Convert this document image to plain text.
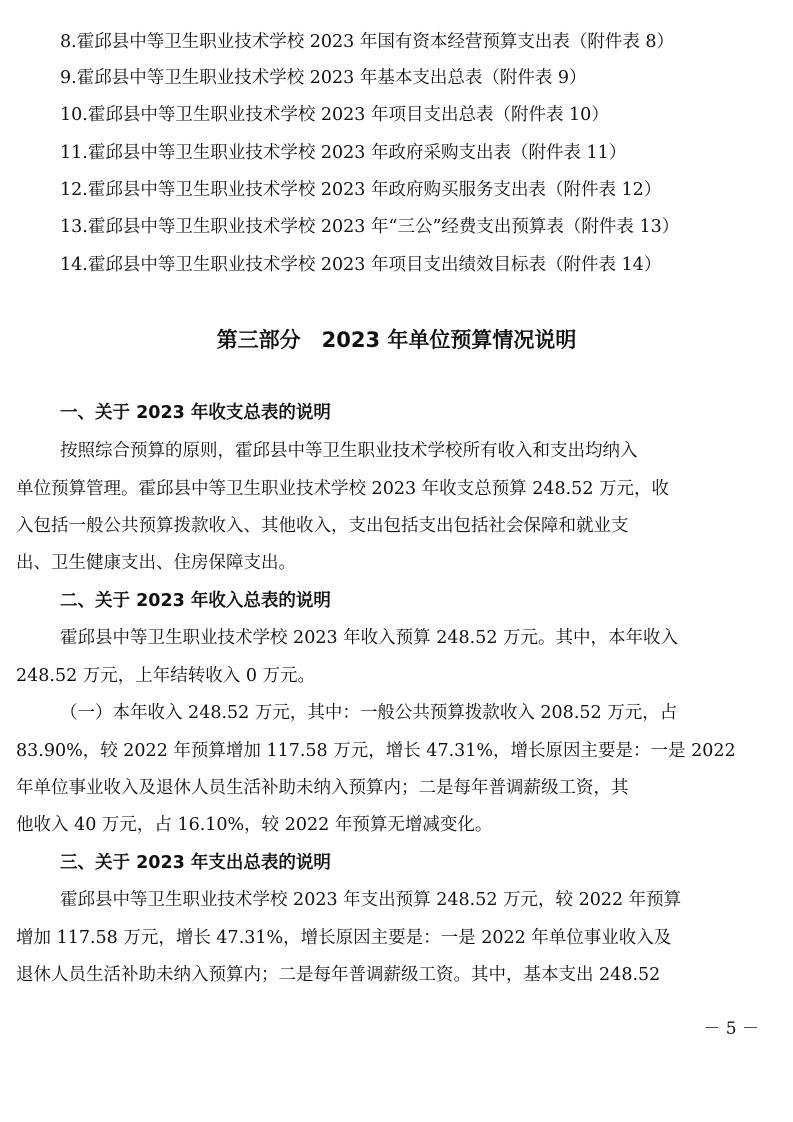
8.霍邱县中等卫生职业技术学校 2023 年国有资本经营预算支出表（附件表 8）
9.霍邱县中等卫生职业技术学校 2023 年基本支出总表（附件表 9）
10.霍邱县中等卫生职业技术学校 2023 年项目支出总表（附件表 10）
11.霍邱县中等卫生职业技术学校 2023 年政府采购支出表（附件表 11）
12.霍邱县中等卫生职业技术学校 2023 年政府购买服务支出表（附件表 12）
13.霍邱县中等卫生职业技术学校 2023 年“三公”经费支出预算表（附件表 13）
14.霍邱县中等卫生职业技术学校 2023 年项目支出绩效目标表（附件表 14）
第三部分　2023 年单位预算情况说明
一、关于 2023 年收支总表的说明
按照综合预算的原则，霍邱县中等卫生职业技术学校所有收入和支出均纳入
单位预算管理。霍邱县中等卫生职业技术学校 2023 年收支总预算 248.52 万元，收
入包括一般公共预算拨款收入、其他收入，支出包括支出包括社会保障和就业支
出、卫生健康支出、住房保障支出。
二、关于 2023 年收入总表的说明
霍邱县中等卫生职业技术学校 2023 年收入预算 248.52 万元。其中，本年收入
248.52 万元，上年结转收入 0 万元。
（一）本年收入 248.52 万元，其中：一般公共预算拨款收入 208.52 万元，占
83.90%，较 2022 年预算增加 117.58 万元，增长 47.31%，增长原因主要是：一是 2022
年单位事业收入及退休人员生活补助未纳入预算内；二是每年普调薪级工资，其
他收入 40 万元，占 16.10%，较 2022 年预算无增减变化。
三、关于 2023 年支出总表的说明
霍邱县中等卫生职业技术学校 2023 年支出预算 248.52 万元，较 2022 年预算
增加 117.58 万元，增长 47.31%，增长原因主要是：一是 2022 年单位事业收入及
退休人员生活补助未纳入预算内；二是每年普调薪级工资。其中，基本支出 248.52
－ 5 －
